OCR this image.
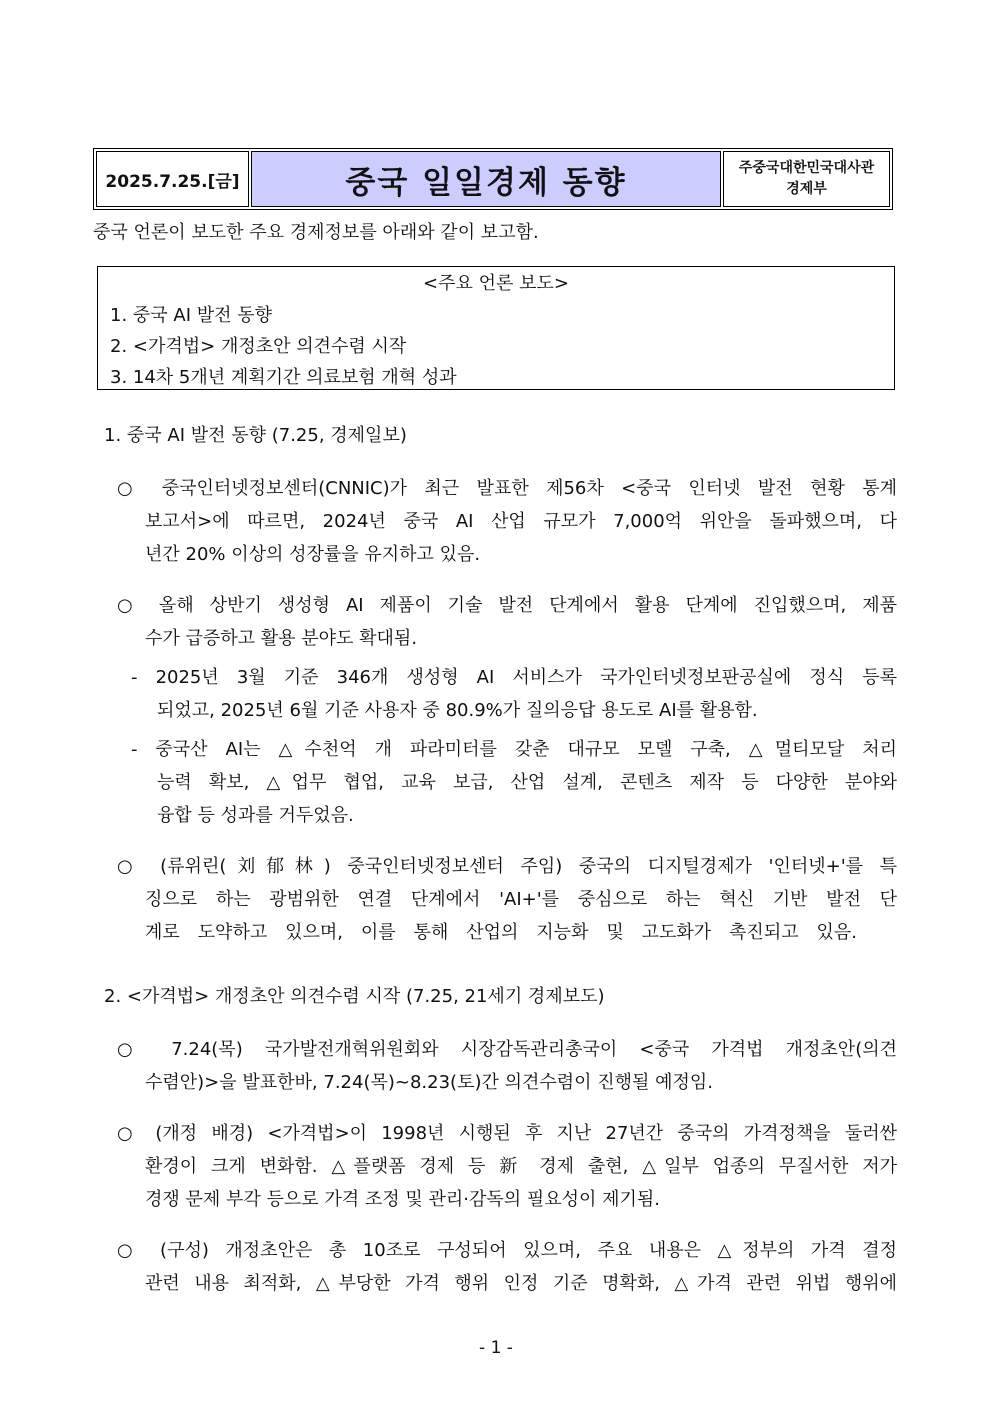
2025.7.25.[금]	중국 일일경제 동향	주중국대한민국대사관
경제부
중국 언론이 보도한 주요 경제정보를 아래와 같이 보고함.
<주요 언론 보도>
1. 중국 AI 발전 동향
2. <가격법> 개정초안 의견수렴 시작
3. 14차 5개년 계획기간 의료보험 개혁 성과
1. 중국 AI 발전 동향 (7.25, 경제일보)
○ 중국인터넷정보센터(CNNIC)가 최근 발표한 제56차 <중국 인터넷 발전 현황 통계
보고서>에 따르면, 2024년 중국 AI 산업 규모가 7,000억 위안을 돌파했으며, 다
년간 20% 이상의 성장률을 유지하고 있음.
○ 올해 상반기 생성형 AI 제품이 기술 발전 단계에서 활용 단계에 진입했으며, 제품
수가 급증하고 활용 분야도 확대됨.
- 2025년 3월 기준 346개 생성형 AI 서비스가 국가인터넷정보판공실에 정식 등록
되었고, 2025년 6월 기준 사용자 중 80.9%가 질의응답 용도로 AI를 활용함.
- 중국산 AI는 △수천억 개 파라미터를 갖춘 대규모 모델 구축, △멀티모달 처리
능력 확보, △업무 협업, 교육 보급, 산업 설계, 콘텐츠 제작 등 다양한 분야와
융합 등 성과를 거두었음.
○ (류위린(刘郁林) 중국인터넷정보센터 주임) 중국의 디지털경제가 '인터넷+'를 특
징으로 하는 광범위한 연결 단계에서 'AI+'를 중심으로 하는 혁신 기반 발전 단
계로 도약하고 있으며, 이를 통해 산업의 지능화 및 고도화가 촉진되고 있음.
2. <가격법> 개정초안 의견수렴 시작 (7.25, 21세기 경제보도)
○ 7.24(목) 국가발전개혁위원회와 시장감독관리총국이 <중국 가격법 개정초안(의견
수렴안)>을 발표한바, 7.24(목)~8.23(토)간 의견수렴이 진행될 예정임.
○ (개정 배경) <가격법>이 1998년 시행된 후 지난 27년간 중국의 가격정책을 둘러싼
환경이 크게 변화함. △플랫폼 경제 등 新 경제 출현, △일부 업종의 무질서한 저가
경쟁 문제 부각 등으로 가격 조정 및 관리·감독의 필요성이 제기됨.
○ (구성) 개정초안은 총 10조로 구성되어 있으며, 주요 내용은 △정부의 가격 결정
관련 내용 최적화, △부당한 가격 행위 인정 기준 명확화, △가격 관련 위법 행위에
- 1 -
